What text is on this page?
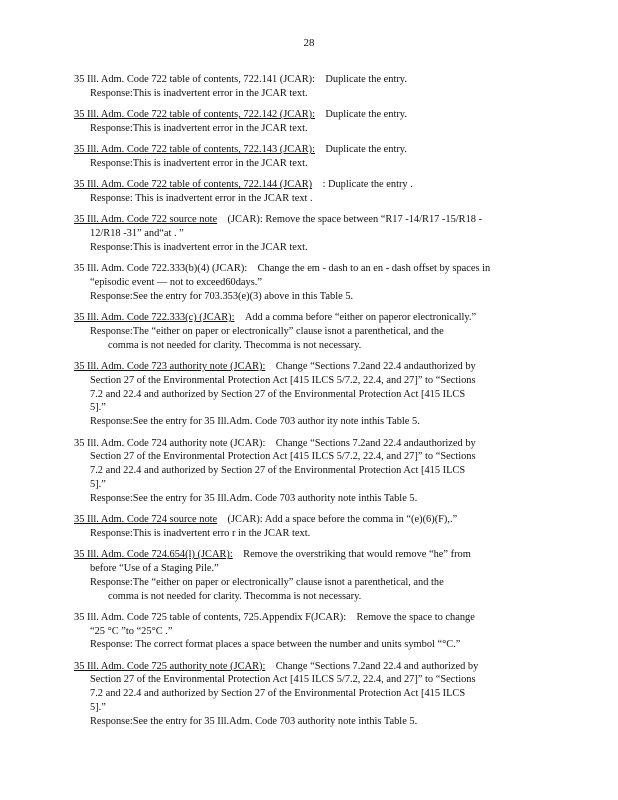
28
35 Ill. Adm. Code 722 table of contents, 722.141 (JCAR):  Duplicate the entry.
Response:This is inadvertent error in the JCAR text.
35 Ill. Adm. Code 722 table of contents, 722.142 (JCAR):  Duplicate the entry.
Response:This is inadvertent error in the JCAR text.
35 Ill. Adm. Code 722 table of contents, 722.143 (JCAR):  Duplicate the entry.
Response:This is inadvertent error in the JCAR text.
35 Ill. Adm. Code 722 table of contents, 722.144 (JCAR)  : Duplicate the entry .
Response: This is inadvertent error in the JCAR text .
35 Ill. Adm. Code 722 source note  (JCAR): Remove the space between “R17 -14/R17 -15/R18 -
12/R18 -31” and“at . ”
Response:This is inadvertent error in the JCAR text.
35 Ill. Adm. Code 722.333(b)(4) (JCAR):  Change the em - dash to an en - dash offset by spaces in
“episodic event — not to exceed60days.”
Response:See the entry for 703.353(e)(3) above in this Table 5.
35 Ill. Adm. Code 722.333(c) (JCAR):  Add a comma before “either on paperor electronically.”
Response:The “either on paper or electronically” clause isnot a parenthetical, and the
comma is not needed for clarity. Thecomma is not necessary.
35 Ill. Adm. Code 723 authority note (JCAR):  Change “Sections 7.2and 22.4 andauthorized by
Section 27 of the Environmental Protection Act [415 ILCS 5/7.2, 22.4, and 27]” to “Sections
7.2 and 22.4 and authorized by Section 27 of the Environmental Protection Act [415 ILCS
5].”
Response:See the entry for 35 Ill.Adm. Code 703 author ity note inthis Table 5.
35 Ill. Adm. Code 724 authority note (JCAR):  Change “Sections 7.2and 22.4 andauthorized by
Section 27 of the Environmental Protection Act [415 ILCS 5/7.2, 22.4, and 27]” to “Sections
7.2 and 22.4 and authorized by Section 27 of the Environmental Protection Act [415 ILCS
5].”
Response:See the entry for 35 Ill.Adm. Code 703 authority note inthis Table 5.
35 Ill. Adm. Code 724 source note  (JCAR): Add a space before the comma in “(e)(6)(F),.”
Response:This is inadvertent erro r in the JCAR text.
35 Ill. Adm. Code 724.654(l) (JCAR):  Remove the overstriking that would remove “he” from
before “Use of a Staging Pile.”
Response:The “either on paper or electronically” clause isnot a parenthetical, and the
comma is not needed for clarity. Thecomma is not necessary.
35 Ill. Adm. Code 725 table of contents, 725.Appendix F(JCAR):  Remove the space to change
“25 °C ”to “25°C .”
Response: The correct format places a space between the number and units symbol “°C.”
35 Ill. Adm. Code 725 authority note (JCAR):  Change “Sections 7.2and 22.4 and authorized by
Section 27 of the Environmental Protection Act [415 ILCS 5/7.2, 22.4, and 27]” to “Sections
7.2 and 22.4 and authorized by Section 27 of the Environmental Protection Act [415 ILCS
5].”
Response:See the entry for 35 Ill.Adm. Code 703 authority note inthis Table 5.
